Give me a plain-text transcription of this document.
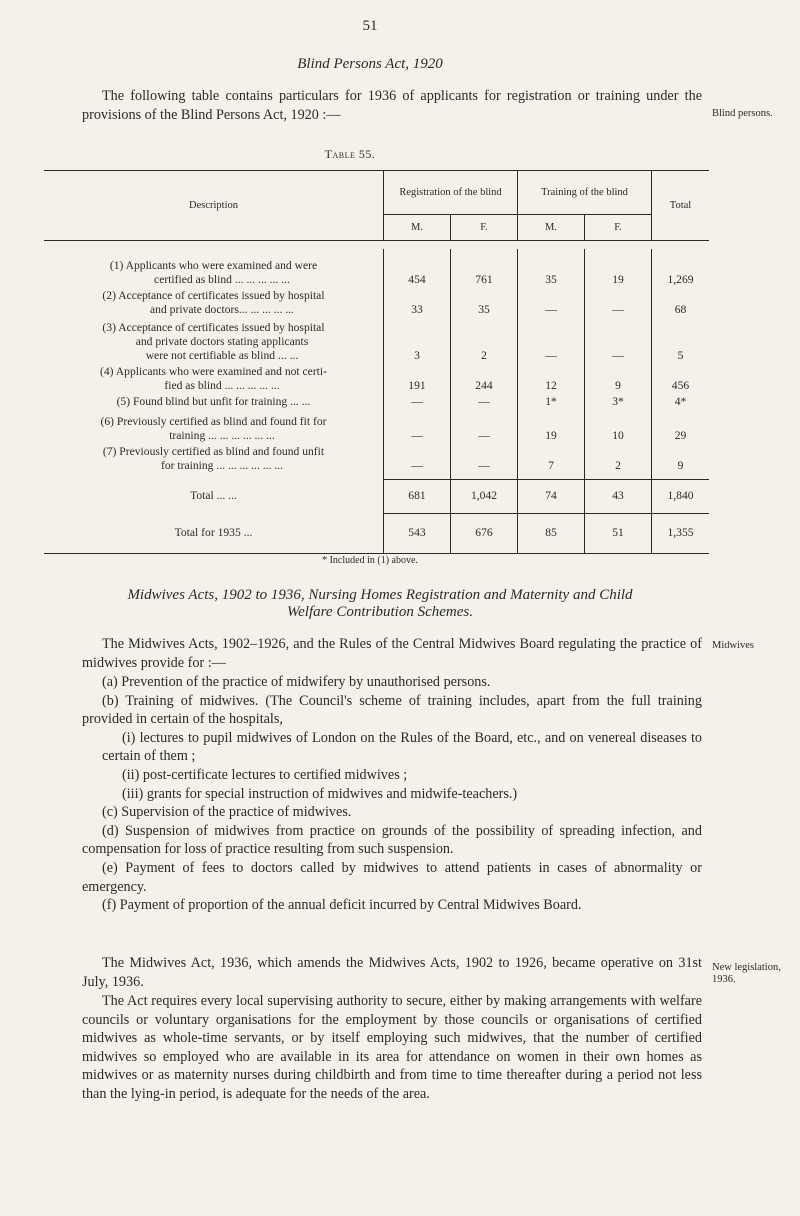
51
Blind Persons Act, 1920
The following table contains particulars for 1936 of applicants for registration or training under the provisions of the Blind Persons Act, 1920 :—	Blind persons.
Table 55.
Description	Registration of the blind		Training of the blind		Total
	M.	F.	M.	F.	

(1) Applicants who were examined and were
certified as blind ... ... ... ... ...	454	761	35	19	1,269

(2) Acceptance of certificates issued by hospital
and private doctors... ... ... ... ...	33	35	—	—	68

(3) Acceptance of certificates issued by hospital
and private doctors stating applicants
were not certifiable as blind ... ...	3	2	—	—	5

(4) Applicants who were examined and not certi-
fied as blind ... ... ... ... ...	191	244	12	9	456

(5) Found blind but unfit for training ... ...	—	—	1*	3*	4*

(6) Previously certified as blind and found fit for
training ... ... ... ... ... ...	—	—	19	10	29

(7) Previously certified as blind and found unfit
for training ... ... ... ... ... ...	—	—	7	2	9
Total ... ...	681	1,042	74	43	1,840
Total for 1935 ...	543	676	85	51	1,355
* Included in (1) above.
Midwives Acts, 1902 to 1936, Nursing Homes Registration and Maternity and Child
Welfare Contribution Schemes.
The Midwives Acts, 1902–1926, and the Rules of the Central Midwives Board regulating the practice of midwives provide for :—
Midwives

(a) Prevention of the practice of midwifery by unauthorised persons.

(b) Training of midwives. (The Council's scheme of training includes, apart from the full training provided in certain of the hospitals,

(i) lectures to pupil midwives of London on the Rules of the Board, etc., and on venereal diseases to certain of them ;

(ii) post-certificate lectures to certified midwives ;

(iii) grants for special instruction of midwives and midwife-teachers.)

(c) Supervision of the practice of midwives.

(d) Suspension of midwives from practice on grounds of the possibility of spreading infection, and compensation for loss of practice resulting from such suspension.

(e) Payment of fees to doctors called by midwives to attend patients in cases of abnormality or emergency.

(f) Payment of proportion of the annual deficit incurred by Central Midwives Board.

The Midwives Act, 1936, which amends the Midwives Acts, 1902 to 1926, became operative on 31st July, 1936.
New legislation, 1936.
The Act requires every local supervising authority to secure, either by making arrangements with welfare councils or voluntary organisations for the employment by those councils or organisations of certified midwives as whole-time servants, or by itself employing such midwives, that the number of certified midwives so employed who are available in its area for attendance on women in their own homes as midwives or as maternity nurses during childbirth and from time to time thereafter during a period not less than the lying-in period, is adequate for the needs of the area.
